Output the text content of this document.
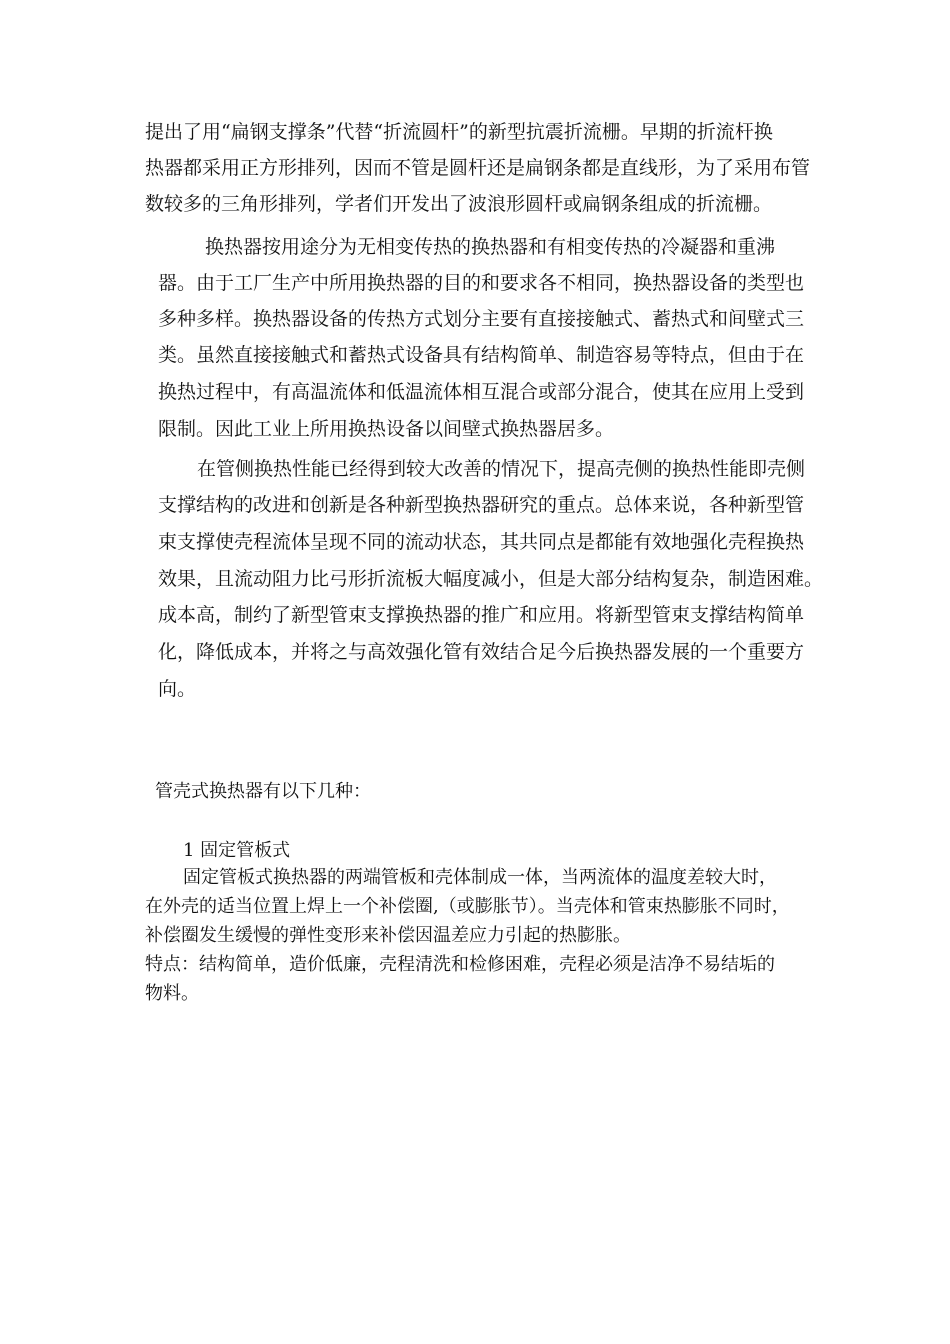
提出了用“扁钢支撑条”代替“折流圆杆”的新型抗震折流栅。早期的折流杆换
热器都采用正方形排列，因而不管是圆杆还是扁钢条都是直线形，为了采用布管
数较多的三角形排列，学者们开发出了波浪形圆杆或扁钢条组成的折流栅。
换热器按用途分为无相变传热的换热器和有相变传热的冷凝器和重沸
器。由于工厂生产中所用换热器的目的和要求各不相同，换热器设备的类型也
多种多样。换热器设备的传热方式划分主要有直接接触式、蓄热式和间壁式三
类。虽然直接接触式和蓄热式设备具有结构简单、制造容易等特点，但由于在
换热过程中，有高温流体和低温流体相互混合或部分混合，使其在应用上受到
限制。因此工业上所用换热设备以间壁式换热器居多。
在管侧换热性能已经得到较大改善的情况下，提高壳侧的换热性能即壳侧
支撑结构的改进和创新是各种新型换热器研究的重点。总体来说，各种新型管
束支撑使壳程流体呈现不同的流动状态，其共同点是都能有效地强化壳程换热
效果，且流动阻力比弓形折流板大幅度减小，但是大部分结构复杂，制造困难。
成本高，制约了新型管束支撑换热器的推广和应用。将新型管束支撑结构简单
化，降低成本，并将之与高效强化管有效结合足今后换热器发展的一个重要方
向。
管壳式换热器有以下几种：
1 固定管板式
固定管板式换热器的两端管板和壳体制成一体，当两流体的温度差较大时，
在外壳的适当位置上焊上一个补偿圈,（或膨胀节）。当壳体和管束热膨胀不同时，
补偿圈发生缓慢的弹性变形来补偿因温差应力引起的热膨胀。
特点：结构简单，造价低廉，壳程清洗和检修困难，壳程必须是洁净不易结垢的
物料。
